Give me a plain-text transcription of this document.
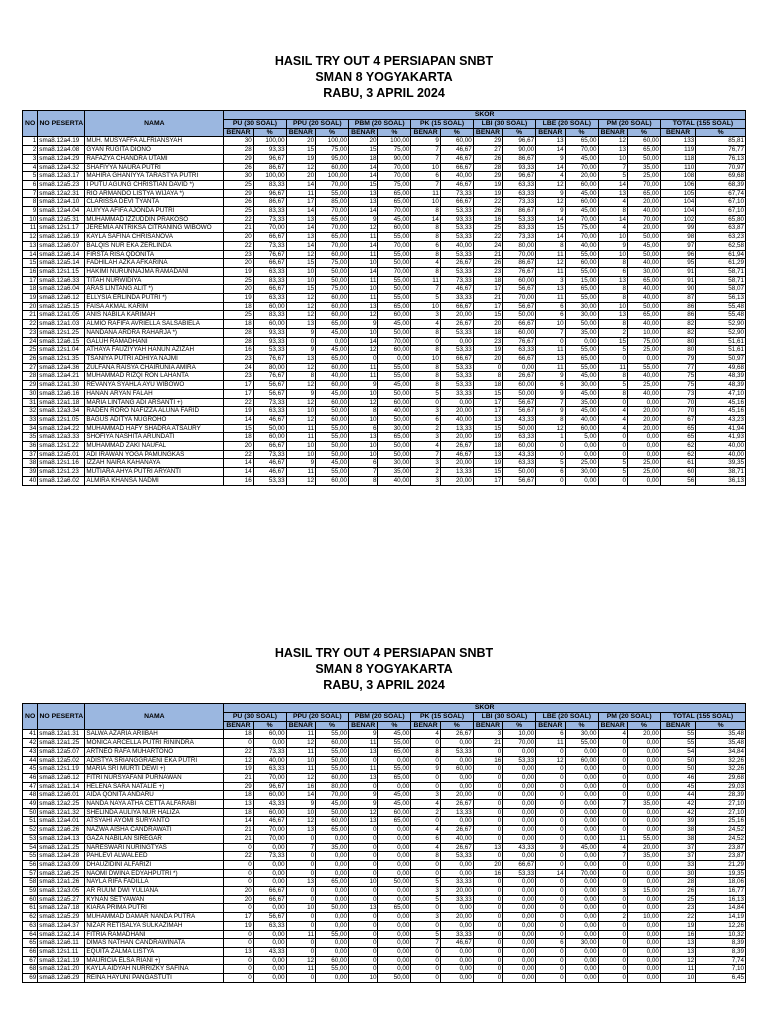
HASIL TRY OUT 4 PERSIAPAN SNBT
SMAN 8 YOGYAKARTA
RABU, 3 APRIL 2024
NO	NO PESERTA	NAMA	SKOR															
			PU (30 SOAL)		PPU (20 SOAL)		PBM (20 SOAL)		PK (15 SOAL)		LBI (30 SOAL)		LBE (20 SOAL)		PM (20 SOAL)		TOTAL (155 SOAL)	
			BENAR	%	BENAR	%	BENAR	%	BENAR	%	BENAR	%	BENAR	%	BENAR	%	BENAR	%
1	sma8.12a4.19	MUH. MUSYAFFA ALFRIANSYAH	30	100,00	20	100,00	20	100,00	9	60,00	29	96,67	13	65,00	12	60,00	133	85,81
2	sma8.12a4.08	GYAN RUGITA DIONO	28	93,33	15	75,00	15	75,00	7	46,67	27	90,00	14	70,00	13	65,00	119	76,77
3	sma8.12a4.29	RAFAZYA CHANDRA UTAMI	29	96,67	19	95,00	18	90,00	7	46,67	26	86,67	9	45,00	10	50,00	118	76,13
4	sma8.12a4.32	SHAFIYYA NAURA PUTRI	26	86,67	12	60,00	14	70,00	10	66,67	28	93,33	14	70,00	7	35,00	110	70,97
5	sma8.12a3.17	MAHIRA GHANIYYA TARASTYA PUTRI	30	100,00	20	100,00	14	70,00	6	40,00	29	96,67	4	20,00	5	25,00	108	69,68
6	sma8.12a5.23	I PUTU AGUNG CHRISTIAN DAVID *)	25	83,33	14	70,00	15	75,00	7	46,67	19	63,33	12	60,00	14	70,00	106	68,39
7	sma8.12a2.31	RIO ARMANDO LISTYA WIJAYA *)	29	96,67	11	55,00	13	65,00	11	73,33	19	63,33	9	45,00	13	65,00	105	67,74
8	sma8.12a4.10	CLARISSA DEVI TYANTA	26	86,67	17	85,00	13	65,00	10	66,67	22	73,33	12	60,00	4	20,00	104	67,10
9	sma8.12a4.04	AUIYYA AFIFA AJONDA PUTRI	25	83,33	14	70,00	14	70,00	8	53,33	26	86,67	9	45,00	8	40,00	104	67,10
10	sma8.12a5.31	MUHAMMAD IZZUDDIN PRAKOSO	22	73,33	13	65,00	9	45,00	14	93,33	16	53,33	14	70,00	14	70,00	102	65,80
11	sma8.12s1.17	JEREMIA ANTRIKSA CITRANING WIBOWO	21	70,00	14	70,00	12	60,00	8	53,33	25	83,33	15	75,00	4	20,00	99	63,87
12	sma8.12a6.19	KAYLA SAFINA CHRISANOVA	20	66,67	13	65,00	11	55,00	8	53,33	22	73,33	14	70,00	10	50,00	98	63,23
13	sma8.12a6.07	BALQIS NUR EKA ZERLINDA	22	73,33	14	70,00	14	70,00	6	40,00	24	80,00	8	40,00	9	45,00	97	62,58
14	sma8.12a6.14	FIRSTA RISA QDONITA	23	76,67	12	60,00	11	55,00	8	53,33	21	70,00	11	55,00	10	50,00	96	61,94
15	sma8.12a5.14	FADHILAH AZKA AFKARINA	20	66,67	15	75,00	10	50,00	4	26,67	26	86,67	12	60,00	8	40,00	95	61,29
16	sma8.12s1.15	HAKIMI NURUNNAJMA RAMADANI	19	63,33	10	50,00	14	70,00	8	53,33	23	76,67	11	55,00	6	30,00	91	58,71
17	sma8.12a6.33	TITAH NURWIDIYA	25	83,33	10	50,00	11	55,00	11	73,33	18	60,00	3	15,00	13	65,00	91	58,71
18	sma8.12a6.04	ARAS LINTANG ALIT *)	20	66,67	15	75,00	10	50,00	7	46,67	17	56,67	13	65,00	8	40,00	90	58,07
19	sma8.12a6.12	ELLYSIA ERLINDA PUTRI *)	19	63,33	12	60,00	11	55,00	5	33,33	21	70,00	11	55,00	8	40,00	87	56,13
20	sma8.12a5.15	FAISA AKMAL KARIM	18	60,00	12	60,00	13	65,00	10	66,67	17	56,67	6	30,00	10	50,00	86	55,48
21	sma8.12a1.05	ANIS NABILA KARIMAH	25	83,33	12	60,00	12	60,00	3	20,00	15	50,00	6	30,00	13	65,00	86	55,48
22	sma8.12a1.03	ALMIO RAFIFA AVRIELLA SALSABIELA	18	60,00	13	65,00	9	45,00	4	26,67	20	66,67	10	50,00	8	40,00	82	52,90
23	sma8.12s1.25	NANDANA ARDRA RAHARJA *)	28	93,33	9	45,00	10	50,00	8	53,33	18	60,00	7	35,00	2	10,00	82	52,90
24	sma8.12a6.15	GALUH RAMADHANI	28	93,33	0	0,00	14	70,00	0	0,00	23	76,67	0	0,00	15	75,00	80	51,61
25	sma8.12s1.04	ATHAYA FAUZIYYAH HANUN AZIZAH	16	53,33	9	45,00	12	60,00	8	53,33	19	63,33	11	55,00	5	25,00	80	51,61
26	sma8.12s1.35	TSANIYA PUTRI ADHIYA NAJMI	23	76,67	13	65,00	0	0,00	10	66,67	20	66,67	13	65,00	0	0,00	79	50,97
27	sma8.12a4.36	ZULFANA RAISYA CHAIRUNIA AMIRA	24	80,00	12	60,00	11	55,00	8	53,33	0	0,00	11	55,00	11	55,00	77	49,68
28	sma8.12a4.21	MUHAMMAD RIZQI RON LAHANTA	23	76,67	8	40,00	11	55,00	8	53,33	8	26,67	9	45,00	8	40,00	75	48,39
29	sma8.12a1.30	REVANYA SYAHLA AYU WIBOWO	17	56,67	12	60,00	9	45,00	8	53,33	18	60,00	6	30,00	5	25,00	75	48,39
30	sma8.12a6.16	HANAN ARYAN FALAH	17	56,67	9	45,00	10	50,00	5	33,33	15	50,00	9	45,00	8	40,00	73	47,10
31	sma8.12a1.18	MARIA LINTANG ADI ARSANTI +)	22	73,33	12	60,00	12	60,00	0	0,00	17	56,67	7	35,00	0	0,00	70	45,16
32	sma8.12a3.34	RADEN RORO NAFIZZA ALUNA FARID	19	63,33	10	50,00	8	40,00	3	20,00	17	56,67	9	45,00	4	20,00	70	45,16
33	sma8.12s1.05	BAGUS ADITYA NUGROHO	14	46,67	12	60,00	10	50,00	6	40,00	13	43,33	8	40,00	4	20,00	67	43,23
34	sma8.12a4.22	MUHAMMAD HAFY SHADRA ATSAURY	15	50,00	11	55,00	6	30,00	2	13,33	15	50,00	12	60,00	4	20,00	65	41,94
35	sma8.12a3.33	SHOFIYA NASHITA ARUNDATI	18	60,00	11	55,00	13	65,00	3	20,00	19	63,33	1	5,00	0	0,00	65	41,93
36	sma8.12s1.22	MUHAMMAD ZAKI NAUFAL	20	66,67	10	50,00	10	50,00	4	26,67	18	60,00	0	0,00	0	0,00	62	40,00
37	sma8.12a5.01	ADI IRAWAN YOGA PAMUNGKAS	22	73,33	10	50,00	10	50,00	7	46,67	13	43,33	0	0,00	0	0,00	62	40,00
38	sma8.12s1.16	IZZAH NAIRA KAHANAYA	14	46,67	9	45,00	6	30,00	3	20,00	19	63,33	5	25,00	5	25,00	61	39,35
39	sma8.12s1.23	MUTIARA AHYA PUTRI ARYANTI	14	46,67	11	55,00	7	35,00	2	13,33	15	50,00	6	30,00	5	25,00	60	38,71
40	sma8.12a6.02	ALMIRA KHANSA NADMI	16	53,33	12	60,00	8	40,00	3	20,00	17	56,67	0	0,00	0	0,00	56	36,13
HASIL TRY OUT 4 PERSIAPAN SNBT
SMAN 8 YOGYAKARTA
RABU, 3 APRIL 2024
NO	NO PESERTA	NAMA	SKOR															
			PU (30 SOAL)		PPU (20 SOAL)		PBM (20 SOAL)		PK (15 SOAL)		LBI (30 SOAL)		LBE (20 SOAL)		PM (20 SOAL)		TOTAL (155 SOAL)	
			BENAR	%	BENAR	%	BENAR	%	BENAR	%	BENAR	%	BENAR	%	BENAR	%	BENAR	%
41	sma8.12a1.31	SALWA AZARIA ARIIBAH	18	60,00	11	55,00	9	45,00	4	26,67	3	10,00	6	30,00	4	20,00	55	35,48
42	sma8.12a1.25	MONICA ARCELLA PUTRI RININDRA	0	0,00	12	60,00	11	55,00	0	0,00	21	70,00	11	55,00	0	0,00	55	35,48
43	sma8.12a5.07	ARTNEO RAFA MUHARTONO	22	73,33	11	55,00	13	65,00	8	53,33	0	0,00	0	0,00	0	0,00	54	34,84
44	sma8.12a5.02	ADISTYA SRIANGGRAENI EKA PUTRI	12	40,00	10	50,00	0	0,00	0	0,00	16	53,33	12	60,00	0	0,00	50	32,26
45	sma8.12s1.19	MARIA SRI MURTI DEWI +)	19	63,33	11	55,00	11	55,00	9	60,00	0	0,00	0	0,00	0	0,00	50	32,26
46	sma8.12a6.12	FITRI NURSYAFANI PURNAWAN	21	70,00	12	60,00	13	65,00	0	0,00	0	0,00	0	0,00	0	0,00	46	29,68
47	sma8.12a1.14	HELENA SARA NATALIE +)	29	96,67	16	80,00	0	0,00	0	0,00	0	0,00	0	0,00	0	0,00	45	29,03
48	sma8.12a6.01	AIDA QONITA ANDARU	18	60,00	14	70,00	9	45,00	3	20,00	0	0,00	0	0,00	0	0,00	44	28,39
49	sma8.12a2.25	NANDA NAYA ATHA CETTA ALFARABI	13	43,33	9	45,00	9	45,00	4	26,67	0	0,00	0	0,00	7	35,00	42	27,10
50	sma8.12a1.32	SHELINDA AULIYA NUR HALIZA	18	60,00	10	50,00	12	60,00	2	13,33	0	0,00	0	0,00	0	0,00	42	27,10
51	sma8.12a4.01	ATSYAHI AYOMI SURYANTO	14	46,67	12	60,00	13	65,00	0	0,00	0	0,00	0	0,00	0	0,00	39	25,16
52	sma8.12a6.26	NAZWA AISHA CANDRAWATI	21	70,00	13	65,00	0	0,00	4	26,67	0	0,00	0	0,00	0	0,00	38	24,52
53	sma8.12a4.13	GAZA NABILAN SIREGAR	21	70,00	0	0,00	0	0,00	6	40,00	0	0,00	0	0,00	11	55,00	38	24,52
54	sma8.12a1.25	NARESWARI NURINGTYAS	0	0,00	7	35,00	0	0,00	4	26,67	13	43,33	9	45,00	4	20,00	37	23,87
55	sma8.12a4.28	PAHLEVI ALWALEED	22	73,33	0	0,00	0	0,00	8	53,33	0	0,00	0	0,00	7	35,00	37	23,87
56	sma8.12a3.09	DHAUZIDINI ALFARIZI	0	0,00	0	0,00	0	0,00	0	0,00	20	66,67	0	0,00	0	0,00	33	21,29
57	sma8.12a6.25	NAOMI DWINA EDYAHPUTRI *)	0	0,00	0	0,00	0	0,00	0	0,00	16	53,33	14	70,00	0	0,00	30	19,35
58	sma8.12a1.26	NAYLA RIFA FADILLA	0	0,00	13	65,00	10	50,00	5	33,33	0	0,00	0	0,00	0	0,00	28	18,06
59	sma8.12a3.05	AR RUUM DWI YULIANA	20	66,67	0	0,00	0	0,00	3	20,00	0	0,00	0	0,00	3	15,00	26	16,77
60	sma8.12a5.27	KYNAN SETYAWAN	20	66,67	0	0,00	0	0,00	5	33,33	0	0,00	0	0,00	0	0,00	25	16,13
61	sma8.12a7.18	KIARA PRIMA PUTRI	0	0,00	10	50,00	13	65,00	0	0,00	0	0,00	0	0,00	0	0,00	23	14,84
62	sma8.12a5.29	MUHAMMAD DAMAR NANDA PUTRA	17	56,67	0	0,00	0	0,00	3	20,00	0	0,00	0	0,00	2	10,00	22	14,19
63	sma8.12a4.37	NIZAR RETISALYA SULKAZIMAH	19	63,33	0	0,00	0	0,00	0	0,00	0	0,00	0	0,00	0	0,00	19	12,26
64	sma8.12a2.14	FITRIA RAMADHANI	0	0,00	11	55,00	0	0,00	5	33,33	0	0,00	0	0,00	0	0,00	16	10,32
65	sma8.12a6.11	DIMAS NATHAN CANDRAWINATA	0	0,00	0	0,00	0	0,00	7	46,67	0	0,00	6	30,00	0	0,00	13	8,39
66	sma8.12s1.11	EQUITA ZALMA LISTYA	13	43,33	0	0,00	0	0,00	0	0,00	0	0,00	0	0,00	0	0,00	13	8,39
67	sma8.12a1.19	MAURICIA ELSA RIANI +)	0	0,00	12	60,00	0	0,00	0	0,00	0	0,00	0	0,00	0	0,00	12	7,74
68	sma8.12a1.20	KAYLA AIDYAH NURRIZKY SAFINA	0	0,00	11	55,00	0	0,00	0	0,00	0	0,00	0	0,00	0	0,00	11	7,10
69	sma8.12a6.29	REINA HAYUNI PANGASTUTI	0	0,00	0	0,00	10	50,00	0	0,00	0	0,00	0	0,00	0	0,00	10	6,45
